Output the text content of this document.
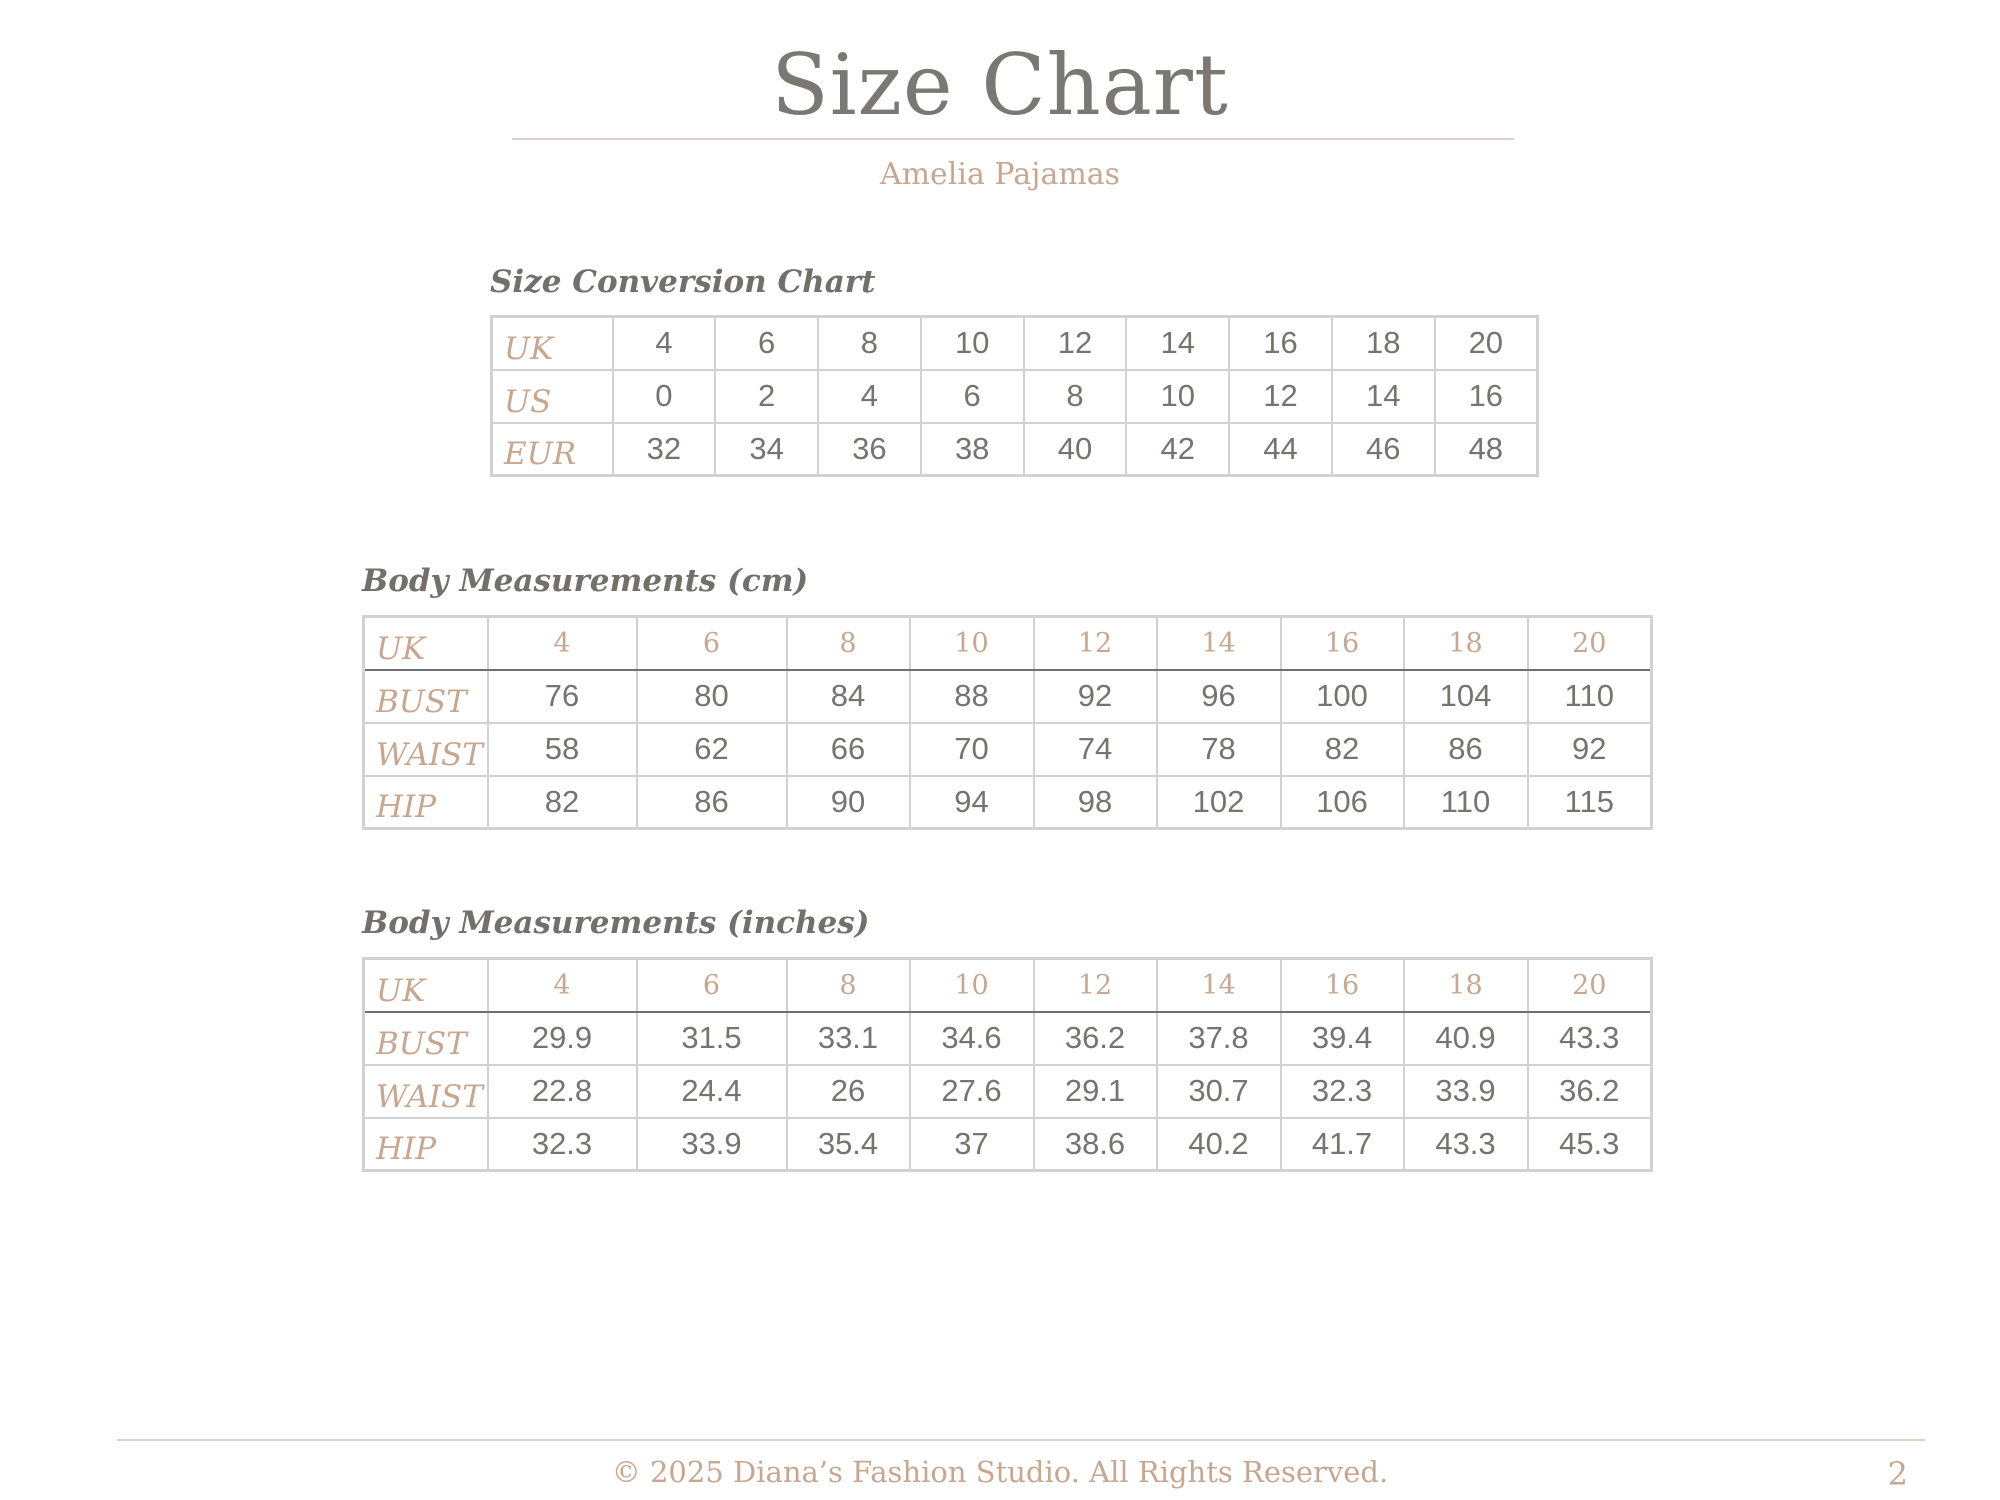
Size Chart
Amelia Pajamas
Size Conversion Chart
UK	4	6	8	10	12	14	16	18	20
US	0	2	4	6	8	10	12	14	16
EUR	32	34	36	38	40	42	44	46	48
Body Measurements (cm)
UK	4	6	8	10	12	14	16	18	20
BUST	76	80	84	88	92	96	100	104	110
WAIST	58	62	66	70	74	78	82	86	92
HIP	82	86	90	94	98	102	106	110	115
Body Measurements (inches)
UK	4	6	8	10	12	14	16	18	20
BUST	29.9	31.5	33.1	34.6	36.2	37.8	39.4	40.9	43.3
WAIST	22.8	24.4	26	27.6	29.1	30.7	32.3	33.9	36.2
HIP	32.3	33.9	35.4	37	38.6	40.2	41.7	43.3	45.3
© 2025 Diana’s Fashion Studio. All Rights Reserved.	2
